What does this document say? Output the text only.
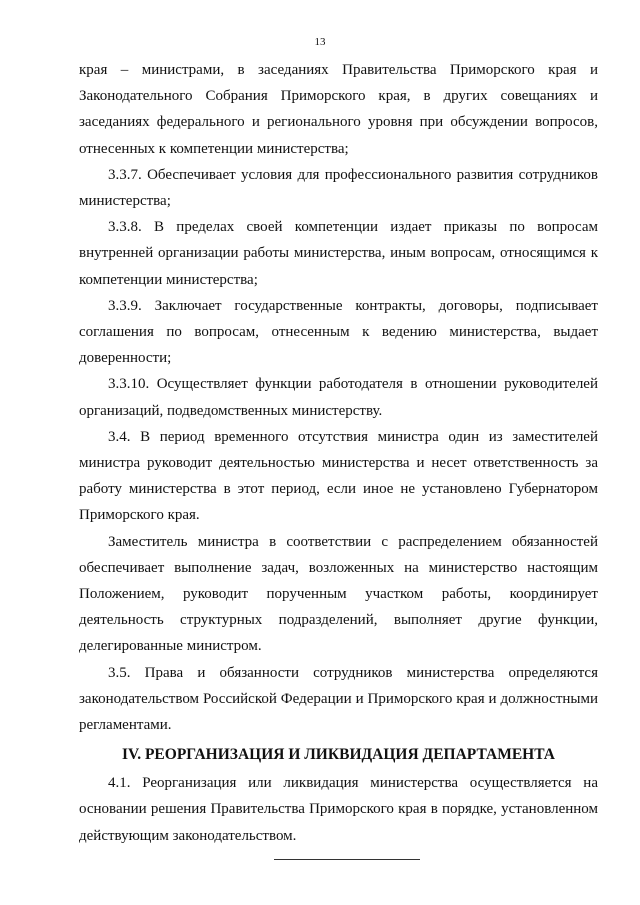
13

края – министрами, в заседаниях Правительства Приморского края и Законодательного Собрания Приморского края, в других совещаниях и заседаниях федерального и регионального уровня при обсуждении вопросов, отнесенных к компетенции министерства;

3.3.7. Обеспечивает условия для профессионального развития сотрудников министерства;

3.3.8. В пределах своей компетенции издает приказы по вопросам внутренней организации работы министерства, иным вопросам, относящимся к компетенции министерства;

3.3.9. Заключает государственные контракты, договоры, подписывает соглашения по вопросам, отнесенным к ведению министерства, выдает доверенности;

3.3.10. Осуществляет функции работодателя в отношении руководителей организаций, подведомственных министерству.

3.4. В период временного отсутствия министра один из заместителей министра руководит деятельностью министерства и несет ответственность за работу министерства в этот период, если иное не установлено Губернатором Приморского края.

Заместитель министра в соответствии с распределением обязанностей обеспечивает выполнение задач, возложенных на министерство настоящим Положением, руководит порученным участком работы, координирует деятельность структурных подразделений, выполняет другие функции, делегированные министром.

3.5. Права и обязанности сотрудников министерства определяются законодательством Российской Федерации и Приморского края и должностными регламентами.

IV. РЕОРГАНИЗАЦИЯ И ЛИКВИДАЦИЯ ДЕПАРТАМЕНТА

4.1. Реорганизация или ликвидация министерства осуществляется на основании решения Правительства Приморского края в порядке, установленном действующим законодательством.
